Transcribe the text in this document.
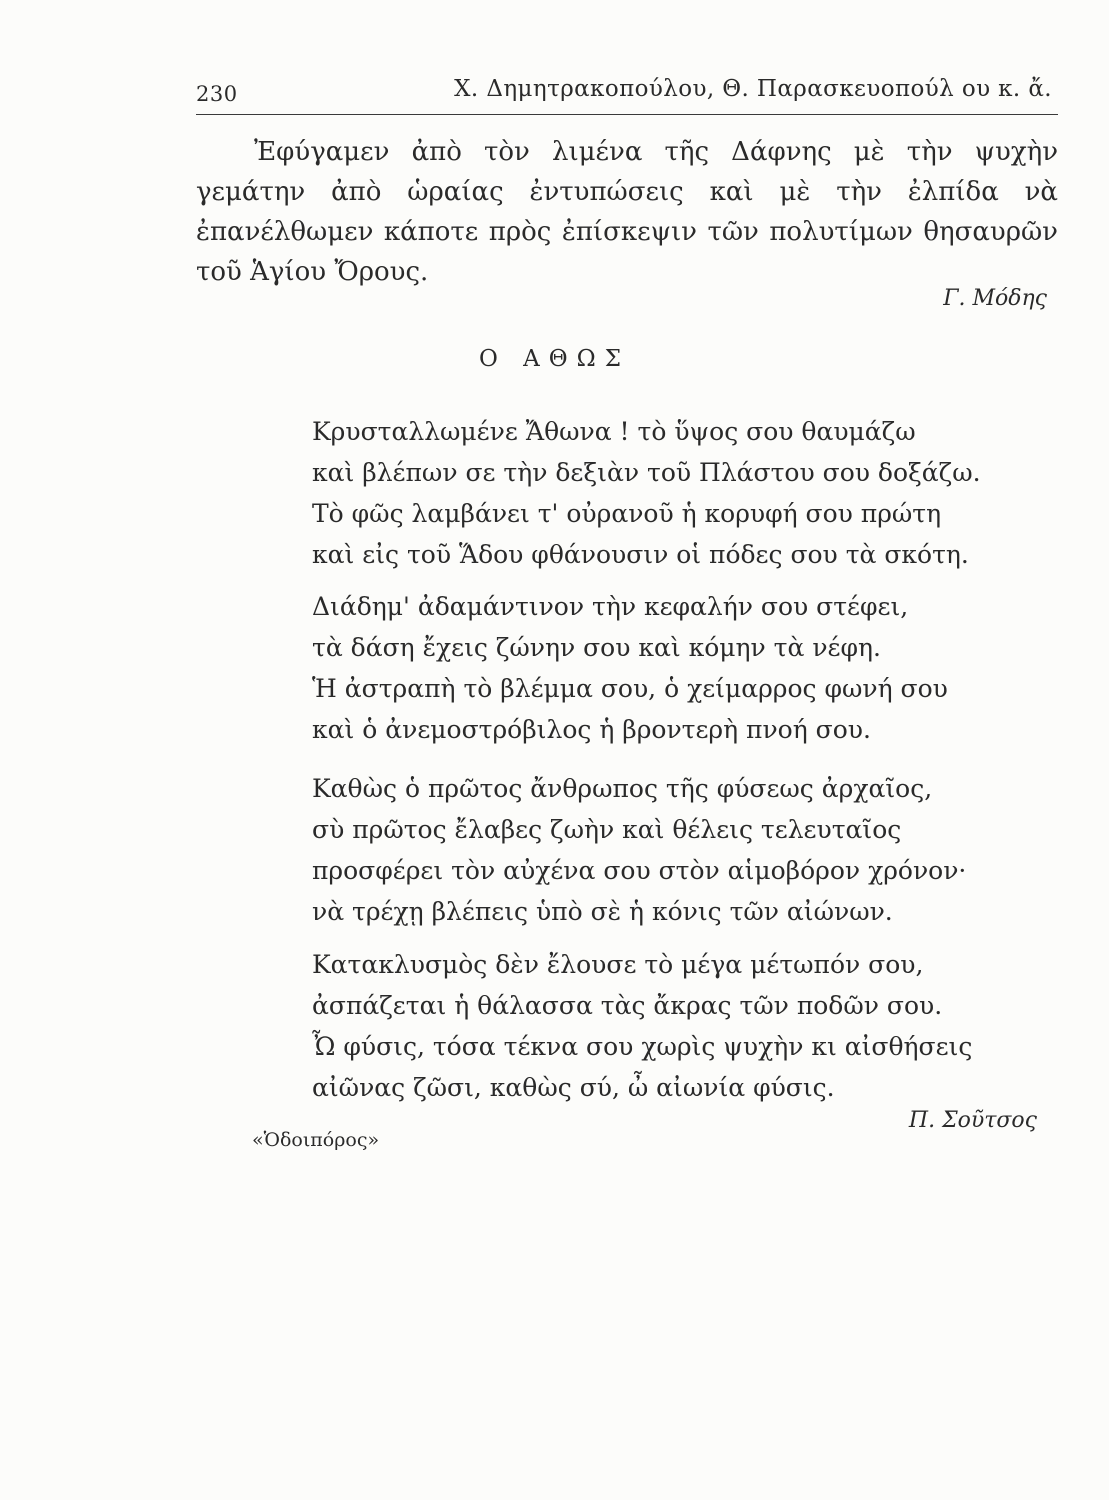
230	Χ. Δημητρακοπούλου, Θ. Παρασκευοπούλ ου κ. ἄ.

Ἐφύγαμεν ἀπὸ τὸν λιμένα τῆς Δάφνης μὲ τὴν ψυχὴν γεμάτην ἀπὸ ὡραίας ἐντυπώσεις καὶ μὲ τὴν ἐλπίδα νὰ ἐπανέλθωμεν κάποτε πρὸς ἐπίσκεψιν τῶν πολυτίμων θησαυρῶν τοῦ Ἁγίου Ὄρους.

Γ. Μόδης
Ο ΑΘΩΣ
Κρυσταλλωμένε Ἄθωνα ! τὸ ὕψος σου θαυμάζω
καὶ βλέπων σε τὴν δεξιὰν τοῦ Πλάστου σου δοξάζω.
Τὸ φῶς λαμβάνει τ' οὐρανοῦ ἡ κορυφή σου πρώτη
καὶ εἰς τοῦ Ἅδου φθάνουσιν οἱ πόδες σου τὰ σκότη.
Διάδημ' ἀδαμάντινον τὴν κεφαλήν σου στέφει,
τὰ δάση ἔχεις ζώνην σου καὶ κόμην τὰ νέφη.
Ἡ ἀστραπὴ τὸ βλέμμα σου, ὁ χείμαρρος φωνή σου
καὶ ὁ ἀνεμοστρόβιλος ἡ βροντερὴ πνοή σου.
Καθὼς ὁ πρῶτος ἄνθρωπος τῆς φύσεως ἀρχαῖος,
σὺ πρῶτος ἔλαβες ζωὴν καὶ θέλεις τελευταῖος
προσφέρει τὸν αὐχένα σου στὸν αἱμοβόρον χρόνον·
νὰ τρέχῃ βλέπεις ὑπὸ σὲ ἡ κόνις τῶν αἰώνων.
Κατακλυσμὸς δὲν ἔλουσε τὸ μέγα μέτωπόν σου,
ἀσπάζεται ἡ θάλασσα τὰς ἄκρας τῶν ποδῶν σου.
Ὦ φύσις, τόσα τέκνα σου χωρὶς ψυχὴν κι αἰσθήσεις
αἰῶνας ζῶσι, καθὼς σύ, ὦ αἰωνία φύσις.
Π. Σοῦτσος
«Ὁδοιπόρος»
